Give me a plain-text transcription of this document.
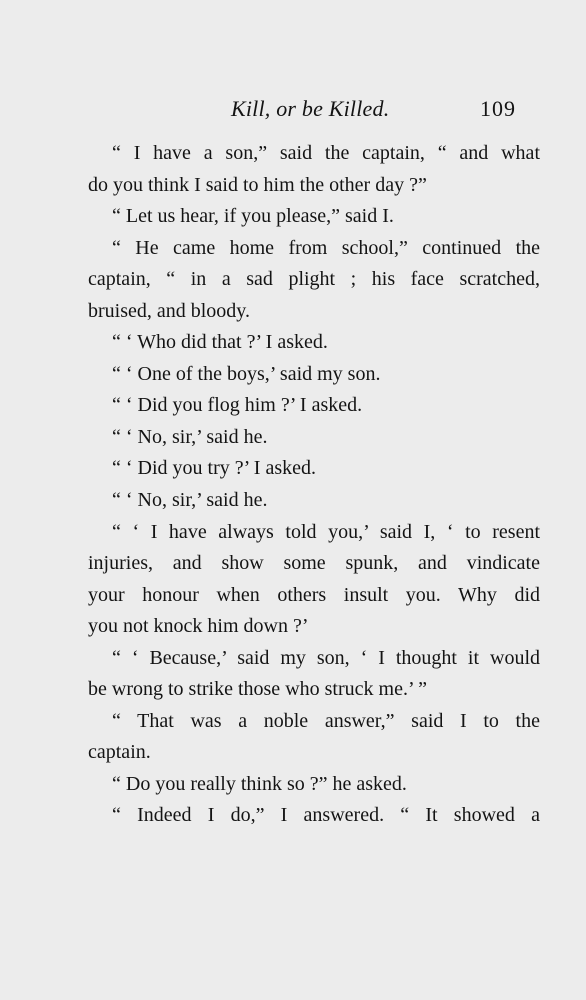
Kill, or be Killed.	109
“ I have a son,” said the captain, “ and what
do you think I said to him the other day ?”
“ Let us hear, if you please,” said I.
“ He came home from school,” continued the
captain, “ in a sad plight ; his face scratched,
bruised, and bloody.
“ ‘ Who did that ?’ I asked.
“ ‘ One of the boys,’ said my son.
“ ‘ Did you flog him ?’ I asked.
“ ‘ No, sir,’ said he.
“ ‘ Did you try ?’ I asked.
“ ‘ No, sir,’ said he.
“ ‘ I have always told you,’ said I, ‘ to resent
injuries, and show some spunk, and vindicate
your honour when others insult you. Why did
you not knock him down ?’
“ ‘ Because,’ said my son, ‘ I thought it would
be wrong to strike those who struck me.’ ”
“ That was a noble answer,” said I to the
captain.
“ Do you really think so ?” he asked.
“ Indeed I do,” I answered. “ It showed a
